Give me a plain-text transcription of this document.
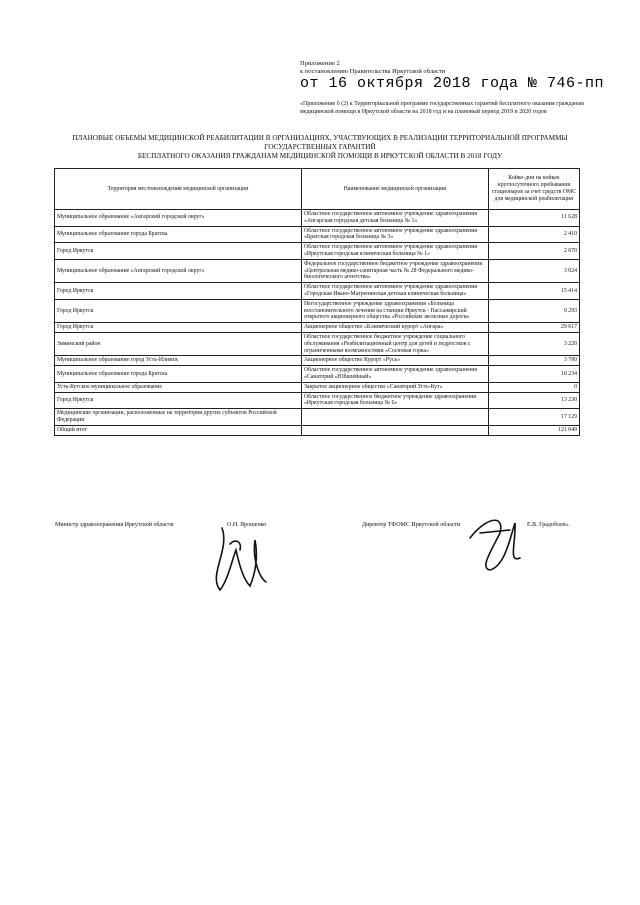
Приложение 2
к постановлению Правительства Иркутской области
от 16 октября 2018 года № 746-пп
«Приложение 6 (2) к Территориальной программе государственных гарантий бесплатного оказания гражданам медицинской помощи в Иркутской области на 2018 год и на плановый период 2019 и 2020 годов
ПЛАНОВЫЕ ОБЪЕМЫ МЕДИЦИНСКОЙ РЕАБИЛИТАЦИИ В ОРГАНИЗАЦИЯХ, УЧАСТВУЮЩИХ В РЕАЛИЗАЦИИ ТЕРРИТОРИАЛЬНОЙ ПРОГРАММЫ
ГОСУДАРСТВЕННЫХ ГАРАНТИЙ
БЕСПЛАТНОГО ОКАЗАНИЯ ГРАЖДАНАМ МЕДИЦИНСКОЙ ПОМОЩИ В ИРКУТСКОЙ ОБЛАСТИ В 2018 ГОДУ
Территория местонахождения медицинской организации	Наименование медицинской организации	Койко-дни на койках круглосуточного пребывания стационаров за счет средств ОМС для медицинской реабилитации
Муниципальное образование «Ангарский городской округ»	Областное государственное автономное учреждение здравоохранения «Ангарская городская детская больница № 1»	11 628
Муниципальное образование города Братска	Областное государственное автономное учреждение здравоохранения «Братская городская больница № 3»	2 410
Город Иркутск	Областное государственное автономное учреждение здравоохранения «Иркутская городская клиническая больница № 1»	2 070
Муниципальное образование «Ангарский городской округ»	Федеральное государственное бюджетное учреждение здравоохранения «Центральная медико-санитарная часть № 28 Федерального медико-биологического агентства»	3 024
Город Иркутск	Областное государственное автономное учреждение здравоохранения «Городская Ивано-Матренинская детская клиническая больница»	15 414
Город Иркутск	Негосударственное учреждение здравоохранения «Больница восстановительного лечения на станции Иркутск - Пассажирский открытого акционерного общества «Российские железные дороги»	9 293
Город Иркутск	Акционерное общество «Клинический курорт «Ангара»	29 617
Зиминский район	Областное государственное бюджетное учреждение социального обслуживания «Реабилитационный центр для детей и подростков с ограниченными возможностями «Сосновая горка»	3 220
Муниципальное образование город Усть-Илимск	Акционерное общество Курорт «Русь»	3 780
Муниципальное образование города Братска	Областное государственное автономное учреждение здравоохранения «Санаторий «Юбилейный»	10 234
Усть-Кутское муниципальное образование	Закрытое акционерное общество «Санаторий Усть-Кут»	0
Город Иркутск	Областное государственное бюджетное учреждение здравоохранения «Иркутская городская больница № 6»	13 230
Медицинские организации, расположенные на территории других субъектов Российской Федерации		17 129
Общий итог		121 049
Министр здравоохранения Иркутской области	О.Н. Ярошенко	Директор ТФОМС Иркутской области	Е.В. Градобоев».
